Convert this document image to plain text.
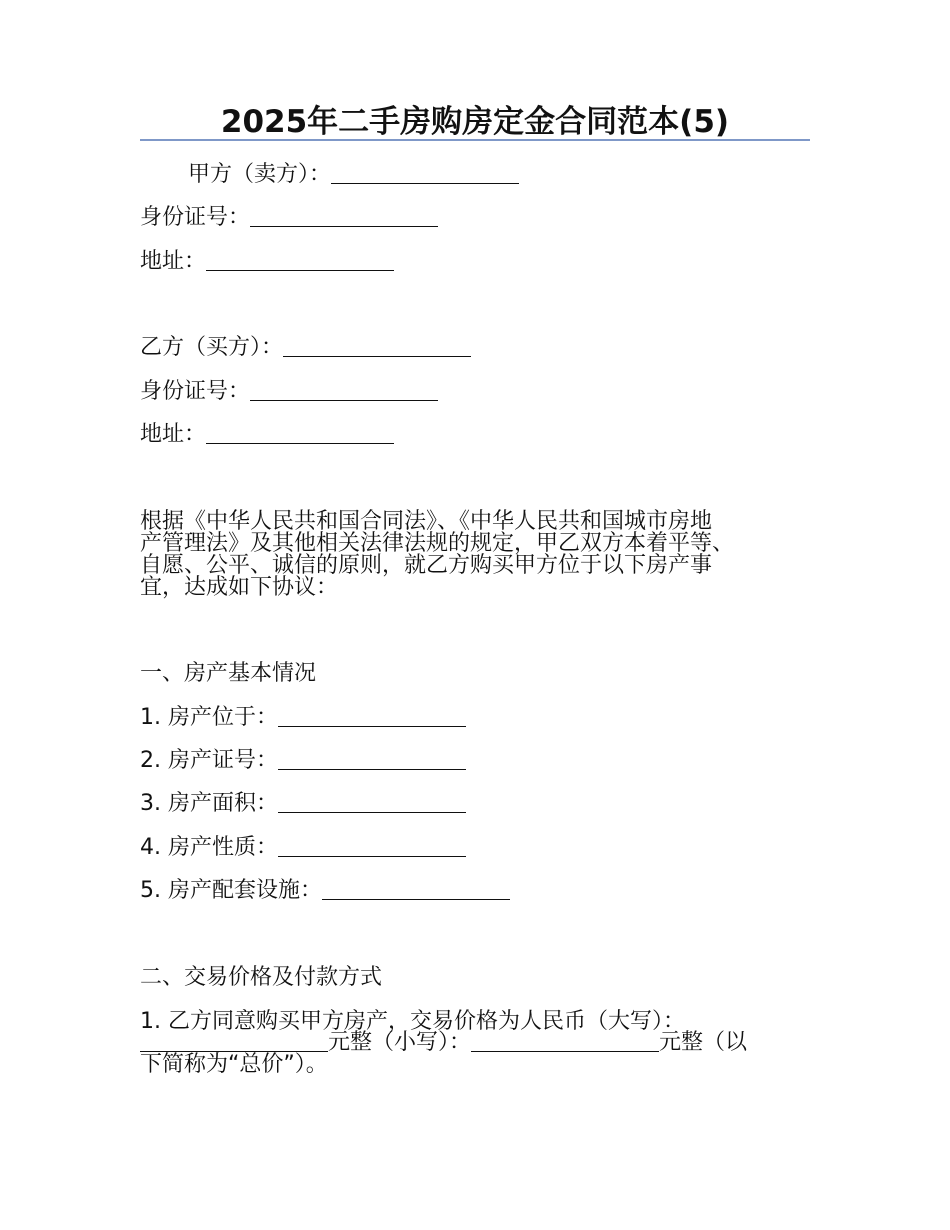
2025年二手房购房定金合同范本(5)
甲方（卖方）：
身份证号：
地址：
乙方（买方）：
身份证号：
地址：

根据《中华人民共和国合同法》、《中华人民共和国城市房地

产管理法》及其他相关法律法规的规定，甲乙双方本着平等、

自愿、公平、诚信的原则，就乙方购买甲方位于以下房产事

宜，达成如下协议：

一、房产基本情况
1. 房产位于：
2. 房产证号：
3. 房产面积：
4. 房产性质：
5. 房产配套设施：
二、交易价格及付款方式
1. 乙方同意购买甲方房产，交易价格为人民币（大写）：
元整（小写）：	元整（以
下简称为“总价”）。
